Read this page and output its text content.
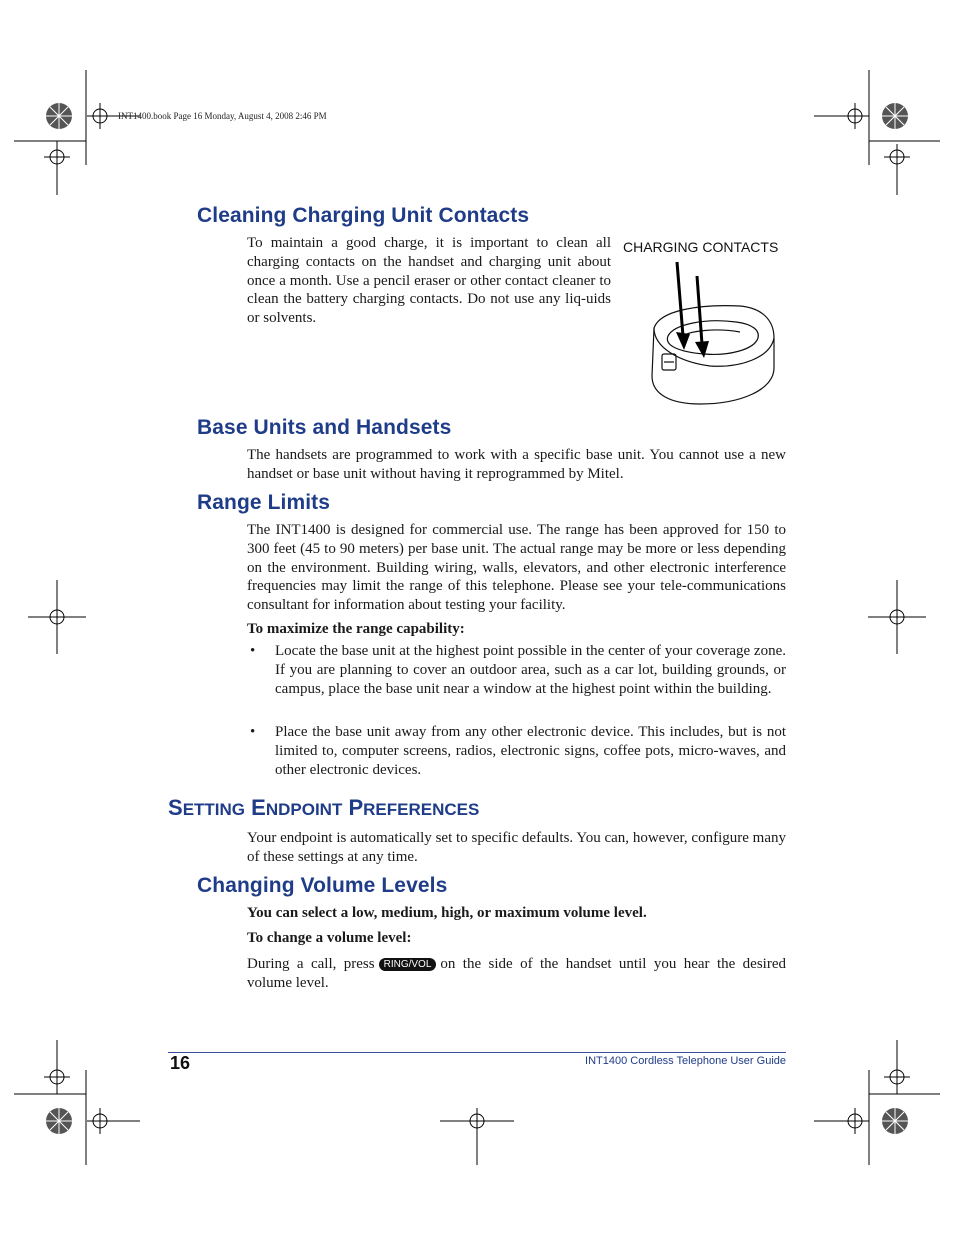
INT1400.book Page 16 Monday, August 4, 2008 2:46 PM
Cleaning Charging Unit Contacts

To maintain a good charge, it is important to clean all charging contacts on the handset and charging unit about once a month. Use a pencil eraser or other contact cleaner to clean the battery charging contacts. Do not use any liq-uids or solvents.

CHARGING CONTACTS
Base Units and Handsets

The handsets are programmed to work with a specific base unit. You cannot use a new handset or base unit without having it reprogrammed by Mitel.

Range Limits

The INT1400 is designed for commercial use. The range has been approved for 150 to 300 feet (45 to 90 meters) per base unit. The actual range may be more or less depending on the environment. Building wiring, walls, elevators, and other electronic interference frequencies may limit the range of this telephone. Please see your tele-communications consultant for information about testing your facility.

To maximize the range capability:

• Locate the base unit at the highest point possible in the center of your coverage zone. If you are planning to cover an outdoor area, such as a car lot, building grounds, or campus, place the base unit near a window at the highest point within the building.

• Place the base unit away from any other electronic device. This includes, but is not limited to, computer screens, radios, electronic signs, coffee pots, micro-waves, and other electronic devices.

SETTING ENDPOINT PREFERENCES

Your endpoint is automatically set to specific defaults. You can, however, configure many of these settings at any time.

Changing Volume Levels

You can select a low, medium, high, or maximum volume level.

To change a volume level:

During a call, press RING/VOL on the side of the handset until you hear the desired volume level.

16	INT1400 Cordless Telephone User Guide
